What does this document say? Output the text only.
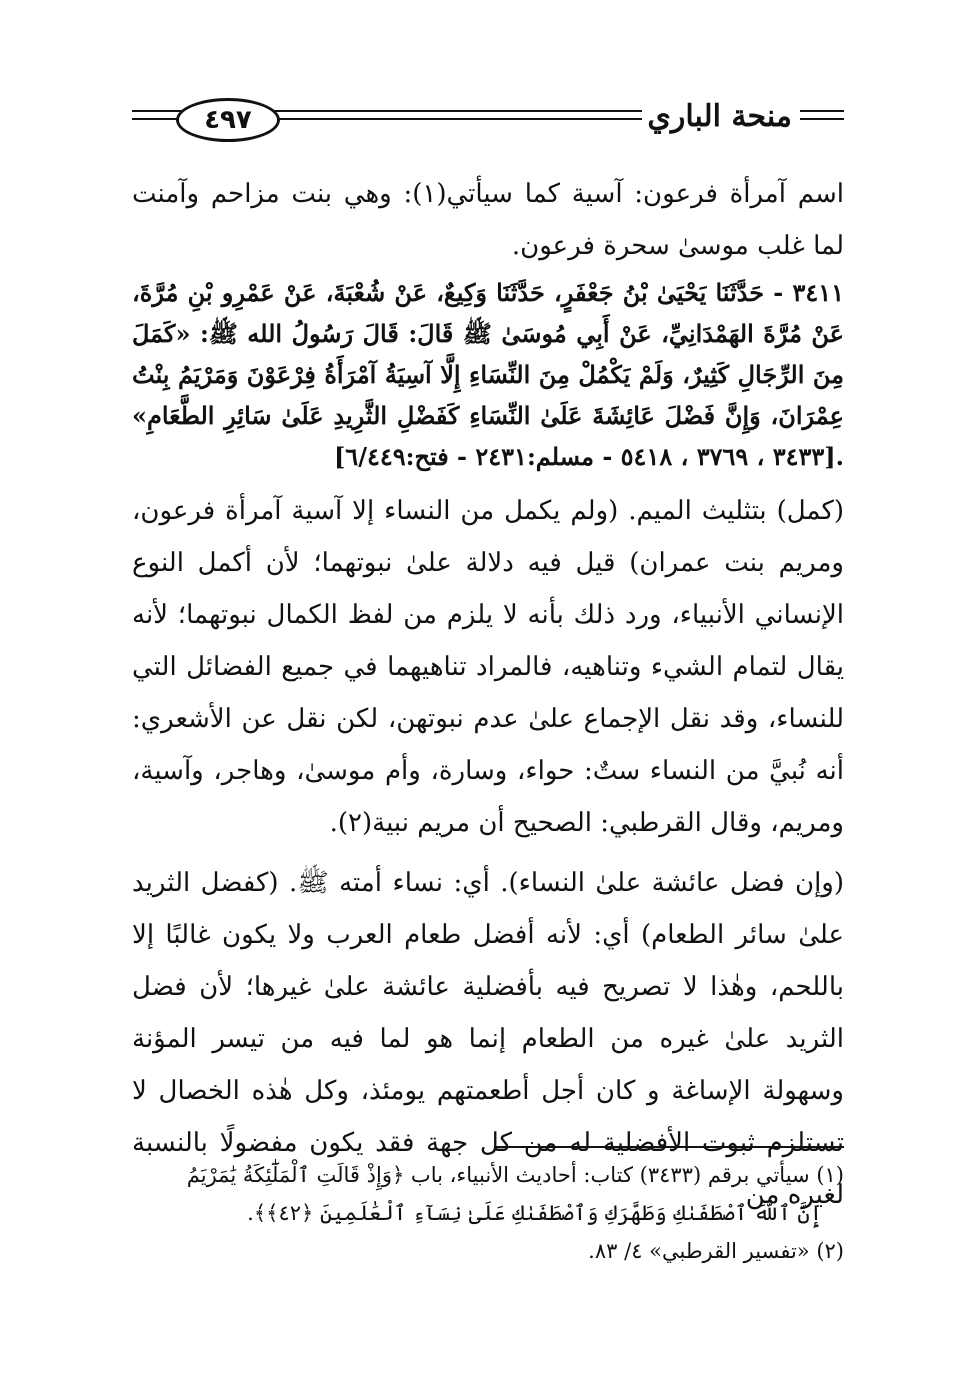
٤٩٧	منحة الباري

اسم آمرأة فرعون: آسية كما سيأتي(١): وهي بنت مزاحم وآمنت لما غلب موسىٰ سحرة فرعون.

٣٤١١ - حَدَّثَنَا يَحْيَىٰ بْنُ جَعْفَرٍ، حَدَّثَنَا وَكِيعٌ، عَنْ شُعْبَةَ، عَنْ عَمْرِو بْنِ مُرَّةَ، عَنْ مُرَّةَ الهَمْدَانِيِّ، عَنْ أَبِي مُوسَىٰ ﷺ قَالَ: قَالَ رَسُولُ الله ﷺ: «كَمَلَ مِنَ الرِّجَالِ كَثِيرٌ، وَلَمْ يَكْمُلْ مِنَ النِّسَاءِ إِلَّا آسِيَةُ آمْرَأَةُ فِرْعَوْنَ وَمَرْيَمُ بِنْتُ عِمْرَانَ، وَإِنَّ فَضْلَ عَائِشَةَ عَلَىٰ النِّسَاءِ كَفَضْلِ الثَّرِيدِ عَلَىٰ سَائِرِ الطَّعَامِ» .[٣٤٣٣ ، ٣٧٦٩ ، ٥٤١٨ - مسلم:٢٤٣١ - فتح:٦/٤٤٩]

(كمل) بتثليث الميم. (ولم يكمل من النساء إلا آسية آمرأة فرعون، ومريم بنت عمران) قيل فيه دلالة علىٰ نبوتهما؛ لأن أكمل النوع الإنساني الأنبياء، ورد ذلك بأنه لا يلزم من لفظ الكمال نبوتهما؛ لأنه يقال لتمام الشيء وتناهيه، فالمراد تناهيهما في جميع الفضائل التي للنساء، وقد نقل الإجماع علىٰ عدم نبوتهن، لكن نقل عن الأشعري: أنه نُبيَّ من النساء ستٌ: حواء، وسارة، وأم موسىٰ، وهاجر، وآسية، ومريم، وقال القرطبي: الصحيح أن مريم نبية(٢).

(وإن فضل عائشة علىٰ النساء). أي: نساء أمته ﷺ. (كفضل الثريد علىٰ سائر الطعام) أي: لأنه أفضل طعام العرب ولا يكون غالبًا إلا باللحم، وهٰذا لا تصريح فيه بأفضلية عائشة علىٰ غيرها؛ لأن فضل الثريد علىٰ غيره من الطعام إنما هو لما فيه من تيسر المؤنة وسهولة الإساغة و كان أجل أطعمتهم يومئذ، وكل هٰذه الخصال لا تستلزم ثبوت الأفضلية له من كل جهة فقد يكون مفضولًا بالنسبة لغيره من

(١) سيأتي برقم (٣٤٣٣) كتاب: أحاديث الأنبياء، باب ﴿وَإِذْ قَالَتِ ٱلْمَلَٰٓئِكَةُ يَٰمَرْيَمُ

إِنَّ ٱللَّهَ ٱصْطَفَىٰكِ وَطَهَّرَكِ وَٱصْطَفَىٰكِ عَلَىٰ نِسَآءِ ٱلْعَٰلَمِينَ ﴿٤٢﴾﴾.

(٢) «تفسير القرطبي» ٤/ ٨٣.
